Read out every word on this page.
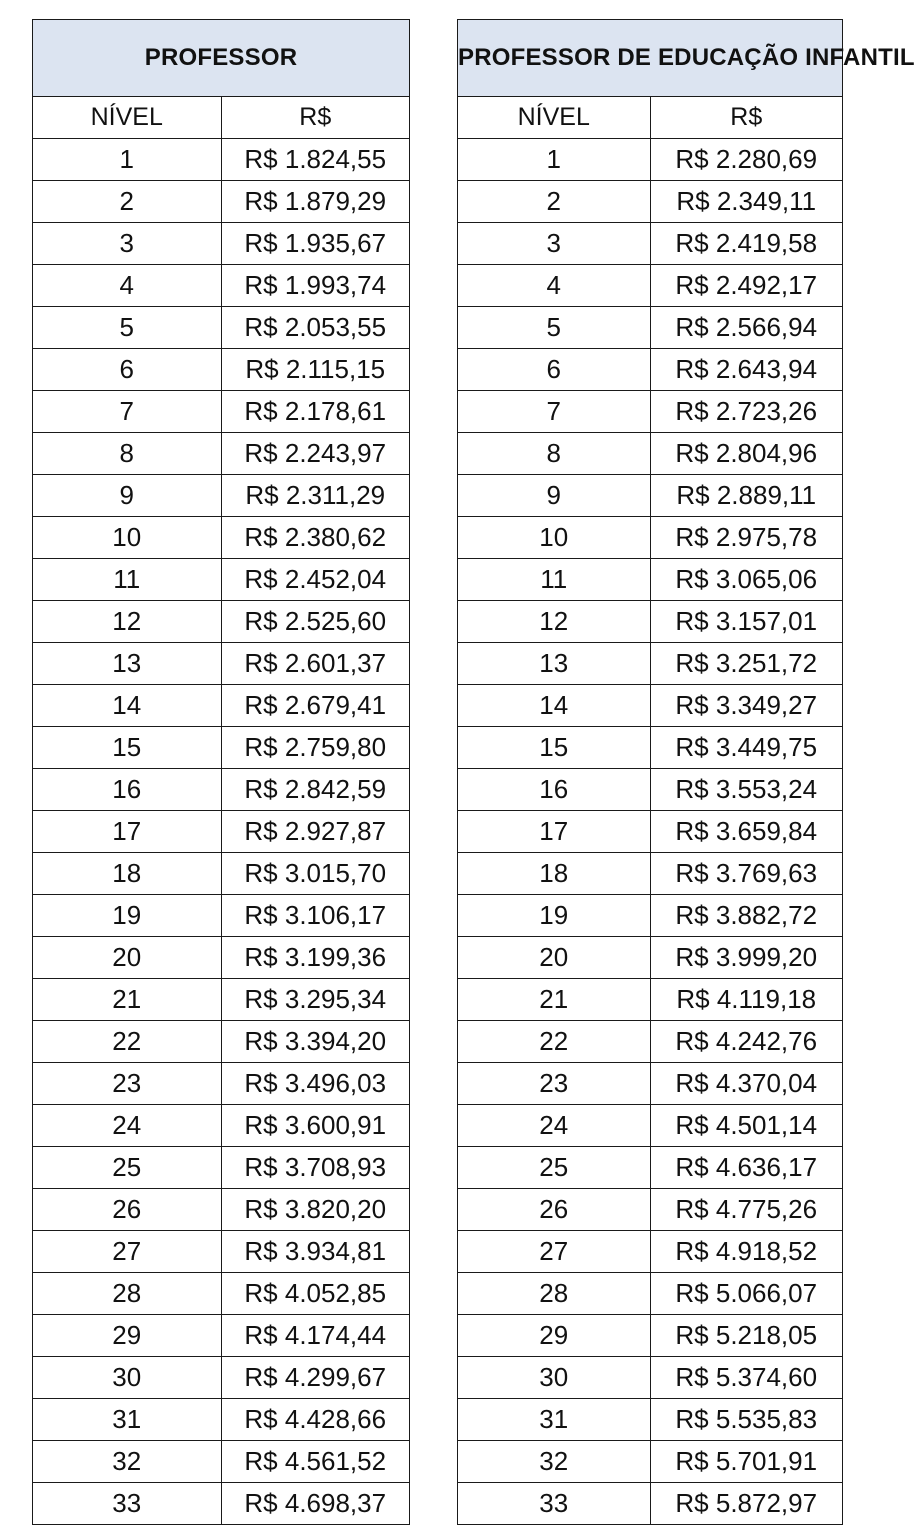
PROFESSOR	
NÍVEL	R$
1	R$ 1.824,55
2	R$ 1.879,29
3	R$ 1.935,67
4	R$ 1.993,74
5	R$ 2.053,55
6	R$ 2.115,15
7	R$ 2.178,61
8	R$ 2.243,97
9	R$ 2.311,29
10	R$ 2.380,62
11	R$ 2.452,04
12	R$ 2.525,60
13	R$ 2.601,37
14	R$ 2.679,41
15	R$ 2.759,80
16	R$ 2.842,59
17	R$ 2.927,87
18	R$ 3.015,70
19	R$ 3.106,17
20	R$ 3.199,36
21	R$ 3.295,34
22	R$ 3.394,20
23	R$ 3.496,03
24	R$ 3.600,91
25	R$ 3.708,93
26	R$ 3.820,20
27	R$ 3.934,81
28	R$ 4.052,85
29	R$ 4.174,44
30	R$ 4.299,67
31	R$ 4.428,66
32	R$ 4.561,52
33	R$ 4.698,37
PROFESSOR DE EDUCAÇÃO INFANTIL	
NÍVEL	R$
1	R$ 2.280,69
2	R$ 2.349,11
3	R$ 2.419,58
4	R$ 2.492,17
5	R$ 2.566,94
6	R$ 2.643,94
7	R$ 2.723,26
8	R$ 2.804,96
9	R$ 2.889,11
10	R$ 2.975,78
11	R$ 3.065,06
12	R$ 3.157,01
13	R$ 3.251,72
14	R$ 3.349,27
15	R$ 3.449,75
16	R$ 3.553,24
17	R$ 3.659,84
18	R$ 3.769,63
19	R$ 3.882,72
20	R$ 3.999,20
21	R$ 4.119,18
22	R$ 4.242,76
23	R$ 4.370,04
24	R$ 4.501,14
25	R$ 4.636,17
26	R$ 4.775,26
27	R$ 4.918,52
28	R$ 5.066,07
29	R$ 5.218,05
30	R$ 5.374,60
31	R$ 5.535,83
32	R$ 5.701,91
33	R$ 5.872,97
